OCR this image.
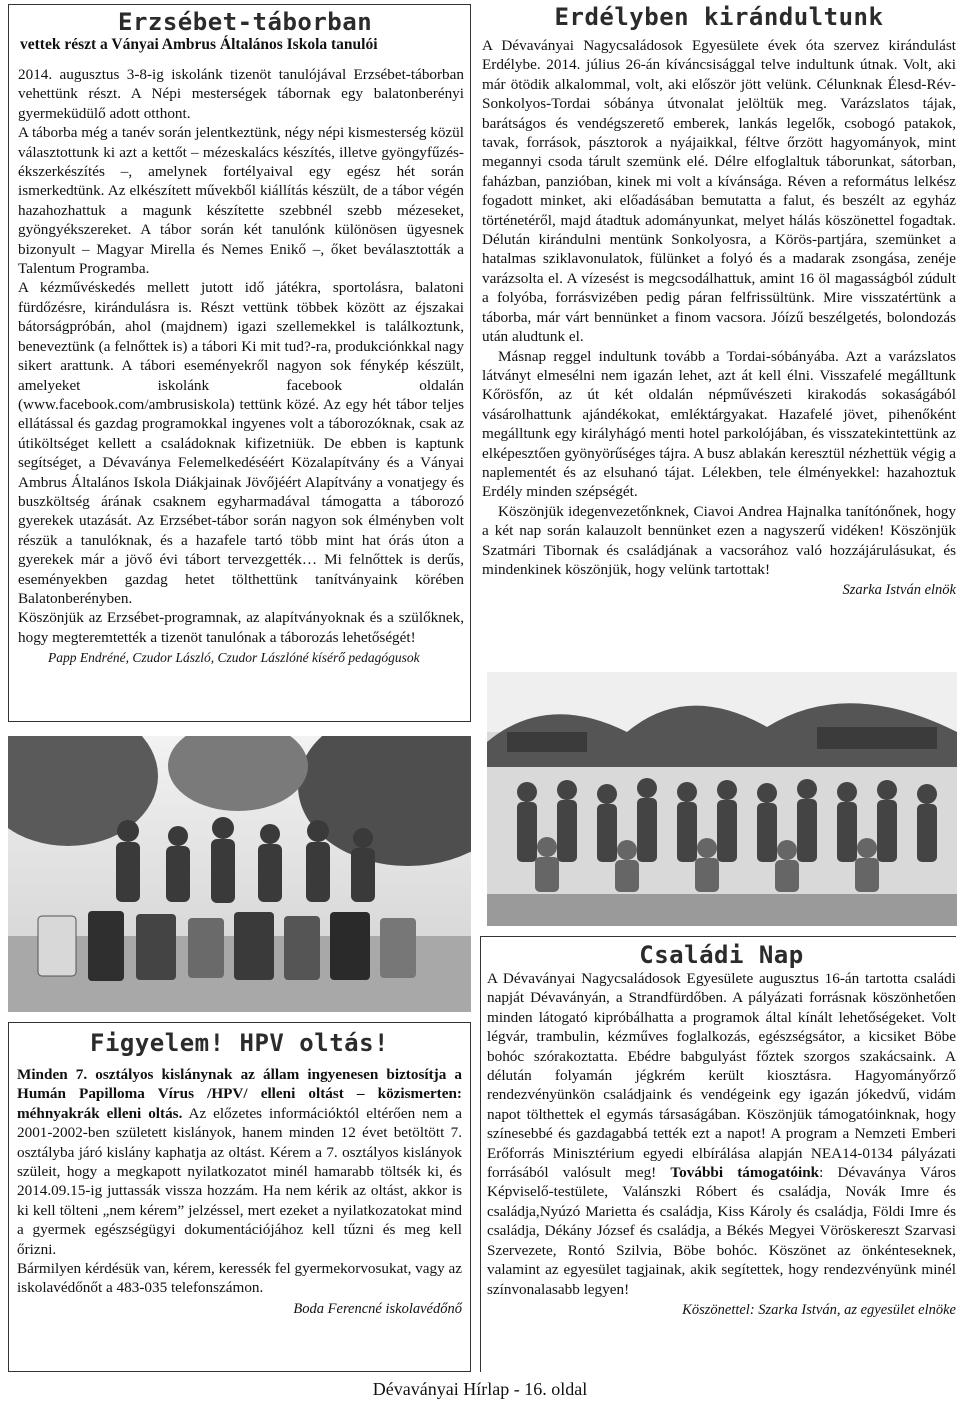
Erzsébet-táborban
vettek részt a Ványai Ambrus Általános Iskola tanulói

2014. augusztus 3-8-ig iskolánk tizenöt tanulójával Erzsébet-táborban vehettünk részt. A Népi mesterségek tábornak egy balatonberényi gyermeküdülő adott otthont.

A táborba még a tanév során jelentkeztünk, négy népi kismesterség közül választottunk ki azt a kettőt – mézeskalács készítés, illetve gyöngyfűzés-ékszerkészítés –, amelynek fortélyaival egy egész hét során ismerkedtünk. Az elkészített művekből kiállítás készült, de a tábor végén hazahozhattuk a magunk készítette szebbnél szebb mézeseket, gyöngyékszereket. A tábor során két tanulónk különösen ügyesnek bizonyult – Magyar Mirella és Nemes Enikő –, őket beválasztották a Talentum Programba.

A kézművéskedés mellett jutott idő játékra, sportolásra, balatoni fürdőzésre, kirándulásra is. Részt vettünk többek között az éjszakai bátorságpróbán, ahol (majdnem) igazi szellemekkel is találkoztunk, beneveztünk (a felnőttek is) a tábori Ki mit tud?-ra, produkciónkkal nagy sikert arattunk. A tábori eseményekről nagyon sok fénykép készült, amelyeket iskolánk facebook oldalán (www.facebook.com/ambrusiskola) tettünk közé. Az egy hét tábor teljes ellátással és gazdag programokkal ingyenes volt a táborozóknak, csak az útiköltséget kellett a családoknak kifizetniük. De ebben is kaptunk segítséget, a Dévaványa Felemelkedéséért Közalapítvány és a Ványai Ambrus Általános Iskola Diákjainak Jövőjéért Alapítvány a vonatjegy és buszköltség árának csaknem egyharmadával támogatta a táborozó gyerekek utazását. Az Erzsébet-tábor során nagyon sok élményben volt részük a tanulóknak, és a hazafele tartó több mint hat órás úton a gyerekek már a jövő évi tábort tervezgették… Mi felnőttek is derűs, eseményekben gazdag hetet tölthettünk tanítványaink körében Balatonberényben.

Köszönjük az Erzsébet-programnak, az alapítványoknak és a szülőknek, hogy megteremtették a tizenöt tanulónak a táborozás lehetőségét!

Papp Endréné, Czudor László, Czudor Lászlóné kísérő pedagógusok

Figyelem! HPV oltás!

Minden 7. osztályos kislánynak az állam ingyenesen biztosítja a Humán Papilloma Vírus /HPV/ elleni oltást – közismerten: méhnyakrák elleni oltás. Az előzetes információktól eltérően nem a 2001-2002-ben született kislányok, hanem minden 12 évet betöltött 7. osztályba járó kislány kaphatja az oltást. Kérem a 7. osztályos kislányok szüleit, hogy a megkapott nyilatkozatot minél hamarabb töltsék ki, és 2014.09.15-ig juttassák vissza hozzám. Ha nem kérik az oltást, akkor is ki kell tölteni „nem kérem” jelzéssel, mert ezeket a nyilatkozatokat mind a gyermek egészségügyi dokumentációjához kell tűzni és meg kell őrizni.

Bármilyen kérdésük van, kérem, keressék fel gyermekorvosukat, vagy az iskolavédőnőt a 483-035 telefonszámon.

Boda Ferencné iskolavédőnő

Erdélyben kirándultunk

A Dévaványai Nagycsaládosok Egyesülete évek óta szervez kirándulást Erdélybe. 2014. július 26-án kíváncsisággal telve indultunk útnak. Volt, aki már ötödik alkalommal, volt, aki először jött velünk. Célunknak Élesd-Rév-Sonkolyos-Tordai sóbánya útvonalat jelöltük meg. Varázslatos tájak, barátságos és vendégszerető emberek, lankás legelők, csobogó patakok, tavak, források, pásztorok a nyájaikkal, féltve őrzött hagyományok, mint megannyi csoda tárult szemünk elé. Délre elfoglaltuk táborunkat, sátorban, faházban, panzióban, kinek mi volt a kívánsága. Réven a református lelkész fogadott minket, aki előadásában bemutatta a falut, és beszélt az egyház történetéről, majd átadtuk adományunkat, melyet hálás köszönettel fogadtak. Délután kirándulni mentünk Sonkolyosra, a Körös-partjára, szemünket a hatalmas sziklavonulatok, fülünket a folyó és a madarak zsongása, zenéje varázsolta el. A vízesést is megcsodálhattuk, amint 16 öl magasságból zúdult a folyóba, forrásvizében pedig páran felfrissültünk. Mire visszatértünk a táborba, már várt bennünket a finom vacsora. Jóízű beszélgetés, bolondozás után aludtunk el.

Másnap reggel indultunk tovább a Tordai-sóbányába. Azt a varázslatos látványt elmesélni nem igazán lehet, azt át kell élni. Visszafelé megálltunk Kőrösfőn, az út két oldalán népművészeti kirakodás sokaságából vásárolhattunk ajándékokat, emléktárgyakat. Hazafelé jövet, pihenőként megálltunk egy királyhágó menti hotel parkolójában, és visszatekintettünk az elképesztően gyönyörűséges tájra. A busz ablakán keresztül nézhettük végig a naplementét és az elsuhanó tájat. Lélekben, tele élményekkel: hazahoztuk Erdély minden szépségét.

Köszönjük idegenvezetőnknek, Ciavoi Andrea Hajnalka tanítónőnek, hogy a két nap során kalauzolt bennünket ezen a nagyszerű vidéken! Köszönjük Szatmári Tibornak és családjának a vacsorához való hozzájárulásukat, és mindenkinek köszönjük, hogy velünk tartottak!

Szarka István elnök

Családi Nap

A Dévaványai Nagycsaládosok Egyesülete augusztus 16-án tartotta családi napját Dévaványán, a Strandfürdőben. A pályázati forrásnak köszönhetően minden látogató kipróbálhatta a programok által kínált lehetőségeket. Volt légvár, trambulin, kézműves foglalkozás, egészségsátor, a kicsiket Böbe bohóc szórakoztatta. Ebédre babgulyást főztek szorgos szakácsaink. A délután folyamán jégkrém került kiosztásra. Hagyományőrző rendezvényünkön családjaink és vendégeink egy igazán jókedvű, vidám napot tölthettek el egymás társaságában. Köszönjük támogatóinknak, hogy színesebbé és gazdagabbá tették ezt a napot! A program a Nemzeti Emberi Erőforrás Minisztérium egyedi elbírálása alapján NEA14-0134 pályázati forrásából valósult meg! További támogatóink: Dévaványa Város Képviselő-testülete, Valánszki Róbert és családja, Novák Imre és családja,Nyúzó Marietta és családja, Kiss Károly és családja, Földi Imre és családja, Dékány József és családja, a Békés Megyei Vöröskereszt Szarvasi Szervezete, Rontó Szilvia, Böbe bohóc. Köszönet az önkénteseknek, valamint az egyesület tagjainak, akik segítettek, hogy rendezvényünk minél színvonalasabb legyen!

Köszönettel: Szarka István, az egyesület elnöke

Dévaványai Hírlap - 16. oldal
